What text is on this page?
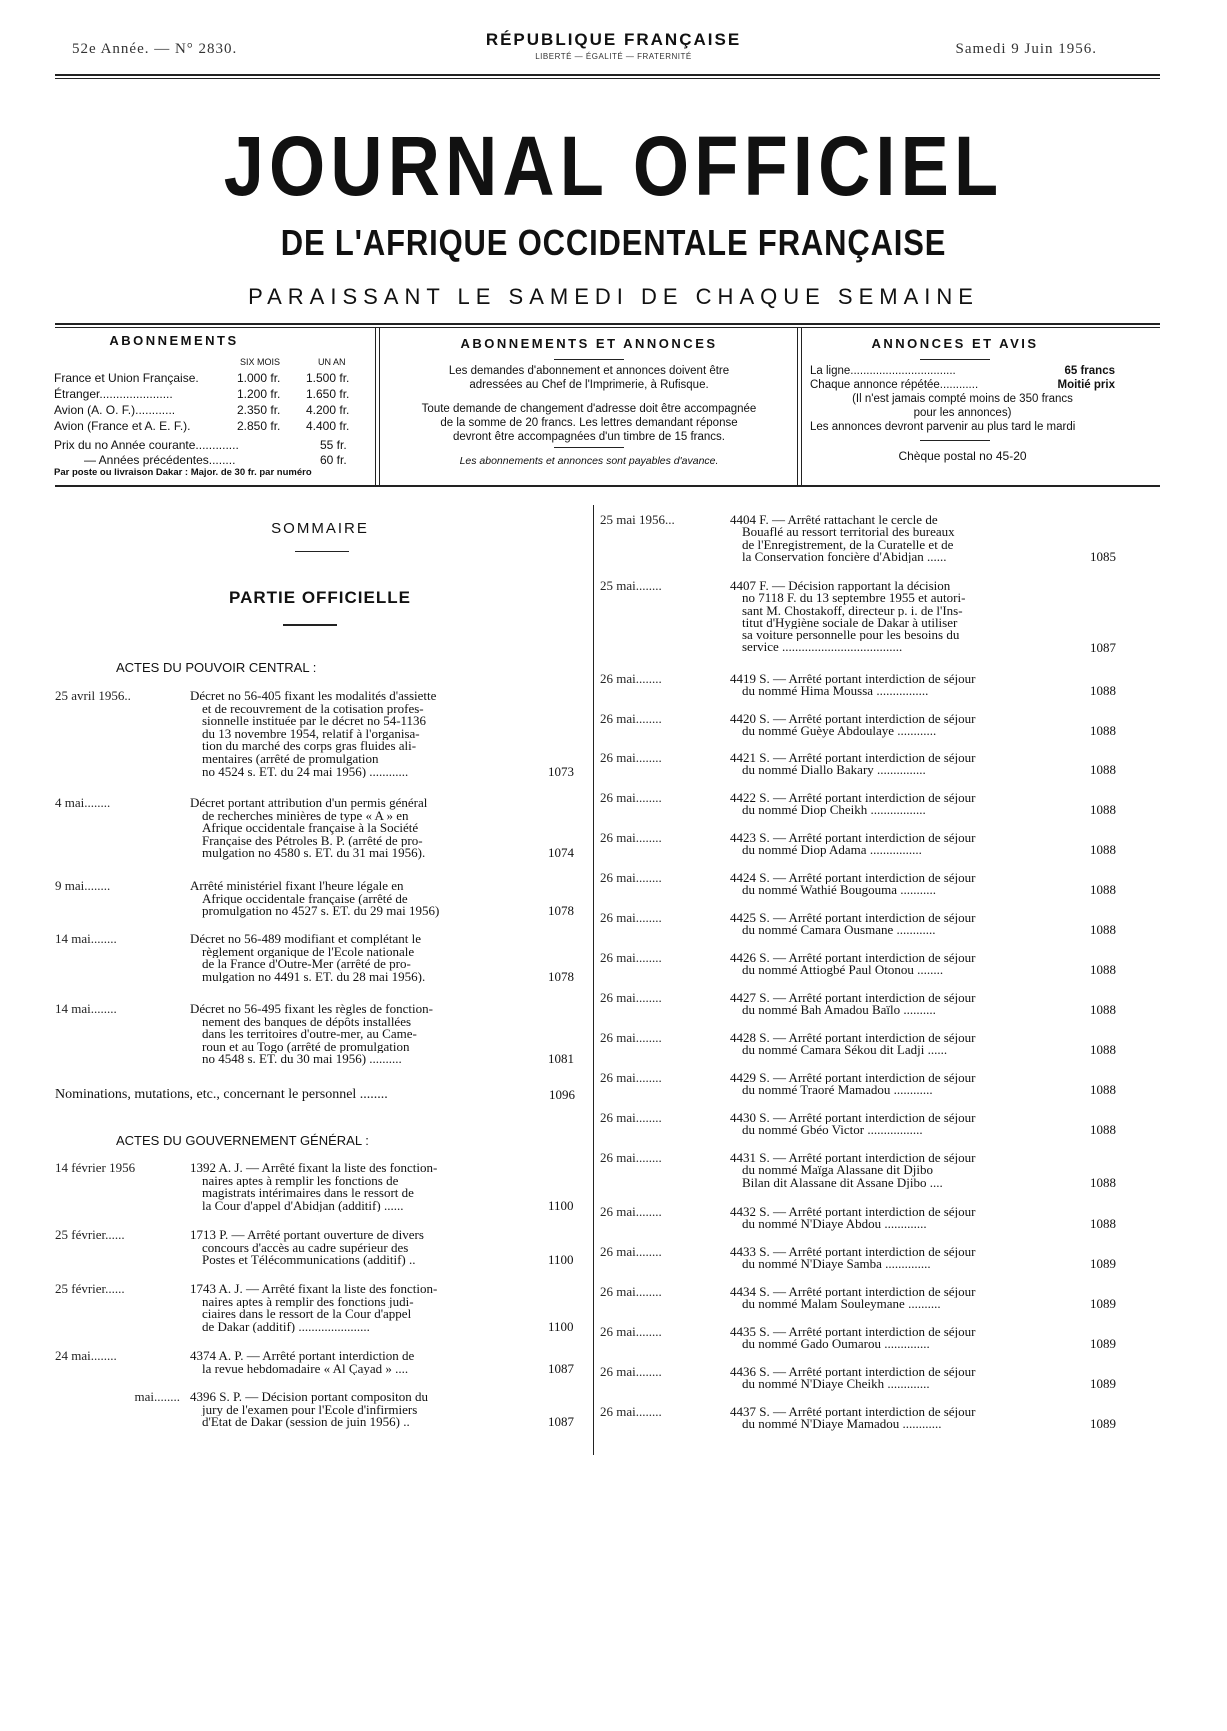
52e Année. — N° 2830.	RÉPUBLIQUE FRANÇAISE
LIBERTÉ — ÉGALITÉ — FRATERNITÉ	Samedi 9 Juin 1956.
JOURNAL OFFICIEL
DE L'AFRIQUE OCCIDENTALE FRANÇAISE
PARAISSANT LE SAMEDI DE CHAQUE SEMAINE
ABONNEMENTS
SIX MOIS	UN AN
France et Union Française.	1.000 fr. 1.500 fr.
Étranger......................	1.200 fr. 1.650 fr.
Avion (A. O. F.)............	2.350 fr. 4.200 fr.
Avion (France et A. E. F.).	2.850 fr. 4.400 fr.
Prix du no Année courante.............	55 fr.
— Années précédentes........	60 fr.
Par poste ou livraison Dakar : Major. de 30 fr. par numéro
ABONNEMENTS ET ANNONCES
Les demandes d'abonnement et annonces doivent être
adressées au Chef de l'Imprimerie, à Rufisque.
Toute demande de changement d'adresse doit être accompagnée
de la somme de 20 francs. Les lettres demandant réponse
devront être accompagnées d'un timbre de 15 francs.
Les abonnements et annonces sont payables d'avance.
ANNONCES ET AVIS
La ligne.................................	65 francs
Chaque annonce répétée............	Moitié prix
(Il n'est jamais compté moins de 350 francs
pour les annonces)
Les annonces devront parvenir au plus tard le mardi
Chèque postal no 45-20
SOMMAIRE
PARTIE OFFICIELLE
ACTES DU POUVOIR CENTRAL :
25 avril 1956..	Décret no 56-405 fixant les modalités d'assiette
et de recouvrement de la cotisation profes-
sionnelle instituée par le décret no 54-1136
du 13 novembre 1954, relatif à l'organisa-
tion du marché des corps gras fluides ali-
mentaires (arrêté de promulgation
no 4524 s. ET. du 24 mai 1956) ............	1073
4 mai........	Décret portant attribution d'un permis général
de recherches minières de type « A » en
Afrique occidentale française à la Société
Française des Pétroles B. P. (arrêté de pro-
mulgation no 4580 s. ET. du 31 mai 1956).	1074
9 mai........	Arrêté ministériel fixant l'heure légale en
Afrique occidentale française (arrêté de
promulgation no 4527 s. ET. du 29 mai 1956)	1078
14 mai........	Décret no 56-489 modifiant et complétant le
règlement organique de l'Ecole nationale
de la France d'Outre-Mer (arrêté de pro-
mulgation no 4491 s. ET. du 28 mai 1956).	1078
14 mai........	Décret no 56-495 fixant les règles de fonction-
nement des banques de dépôts installées
dans les territoires d'outre-mer, au Came-
roun et au Togo (arrêté de promulgation
no 4548 s. ET. du 30 mai 1956) ..........	1081
Nominations, mutations, etc., concernant le personnel ........	1096
ACTES DU GOUVERNEMENT GÉNÉRAL :
14 février 1956	1392 A. J. — Arrêté fixant la liste des fonction-
naires aptes à remplir les fonctions de
magistrats intérimaires dans le ressort de
la Cour d'appel d'Abidjan (additif) ......	1100
25 février......	1713 P. — Arrêté portant ouverture de divers
concours d'accès au cadre supérieur des
Postes et Télécommunications (additif) ..	1100
25 février......	1743 A. J. — Arrêté fixant la liste des fonction-
naires aptes à remplir des fonctions judi-
ciaires dans le ressort de la Cour d'appel
de Dakar (additif) ......................	1100
24 mai........	4374 A. P. — Arrêté portant interdiction de
la revue hebdomadaire « Al Çayad » ....	1087
mai........ 4396 S. P. — Décision portant compositon du
jury de l'examen pour l'Ecole d'infirmiers
d'Etat de Dakar (session de juin 1956) ..	1087
25 mai 1956...	4404 F. — Arrêté rattachant le cercle de
Bouaflé au ressort territorial des bureaux
de l'Enregistrement, de la Curatelle et de
la Conservation foncière d'Abidjan ......	1085
25 mai........	4407 F. — Décision rapportant la décision
no 7118 F. du 13 septembre 1955 et autori-
sant M. Chostakoff, directeur p. i. de l'Ins-
titut d'Hygiène sociale de Dakar à utiliser
sa voiture personnelle pour les besoins du
service .....................................	1087
26 mai........	4419 S. — Arrêté portant interdiction de séjour
du nommé Hima Moussa ................	1088
26 mai........	4420 S. — Arrêté portant interdiction de séjour
du nommé Guèye Abdoulaye ............	1088
26 mai........	4421 S. — Arrêté portant interdiction de séjour
du nommé Diallo Bakary ...............	1088
26 mai........	4422 S. — Arrêté portant interdiction de séjour
du nommé Diop Cheikh .................	1088
26 mai........	4423 S. — Arrêté portant interdiction de séjour
du nommé Diop Adama ................	1088
26 mai........	4424 S. — Arrêté portant interdiction de séjour
du nommé Wathié Bougouma ...........	1088
26 mai........	4425 S. — Arrêté portant interdiction de séjour
du nommé Camara Ousmane ............	1088
26 mai........	4426 S. — Arrêté portant interdiction de séjour
du nommé Attiogbé Paul Otonou ........	1088
26 mai........	4427 S. — Arrêté portant interdiction de séjour
du nommé Bah Amadou Baïlo ..........	1088
26 mai........	4428 S. — Arrêté portant interdiction de séjour
du nommé Camara Sékou dit Ladji ......	1088
26 mai........	4429 S. — Arrêté portant interdiction de séjour
du nommé Traoré Mamadou ............	1088
26 mai........	4430 S. — Arrêté portant interdiction de séjour
du nommé Gbéo Victor .................	1088
26 mai........	4431 S. — Arrêté portant interdiction de séjour
du nommé Maïga Alassane dit Djibo
Bilan dit Alassane dit Assane Djibo ....	1088
26 mai........	4432 S. — Arrêté portant interdiction de séjour
du nommé N'Diaye Abdou .............	1088
26 mai........	4433 S. — Arrêté portant interdiction de séjour
du nommé N'Diaye Samba ..............	1089
26 mai........	4434 S. — Arrêté portant interdiction de séjour
du nommé Malam Souleymane ..........	1089
26 mai........	4435 S. — Arrêté portant interdiction de séjour
du nommé Gado Oumarou ..............	1089
26 mai........	4436 S. — Arrêté portant interdiction de séjour
du nommé N'Diaye Cheikh .............	1089
26 mai........	4437 S. — Arrêté portant interdiction de séjour
du nommé N'Diaye Mamadou ............	1089
